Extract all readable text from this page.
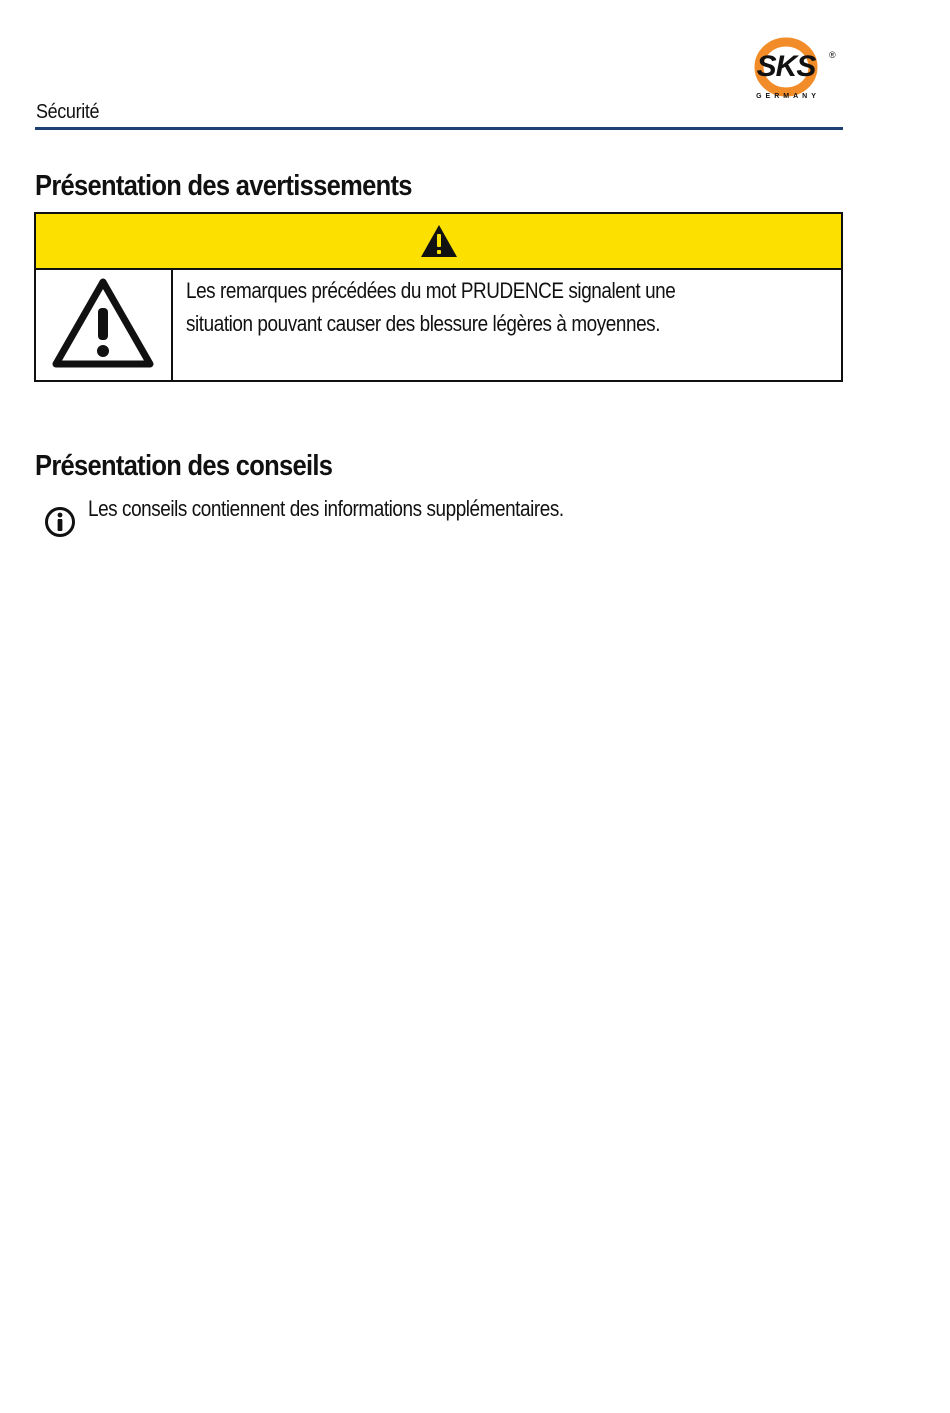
SKS ®
GERMANY
Sécurité
Présentation des avertissements

Les remarques précédées du mot PRUDENCE signalent une situation pouvant causer des blessure légères à moyennes.

Présentation des conseils

Les conseils contiennent des informations supplémentaires.
